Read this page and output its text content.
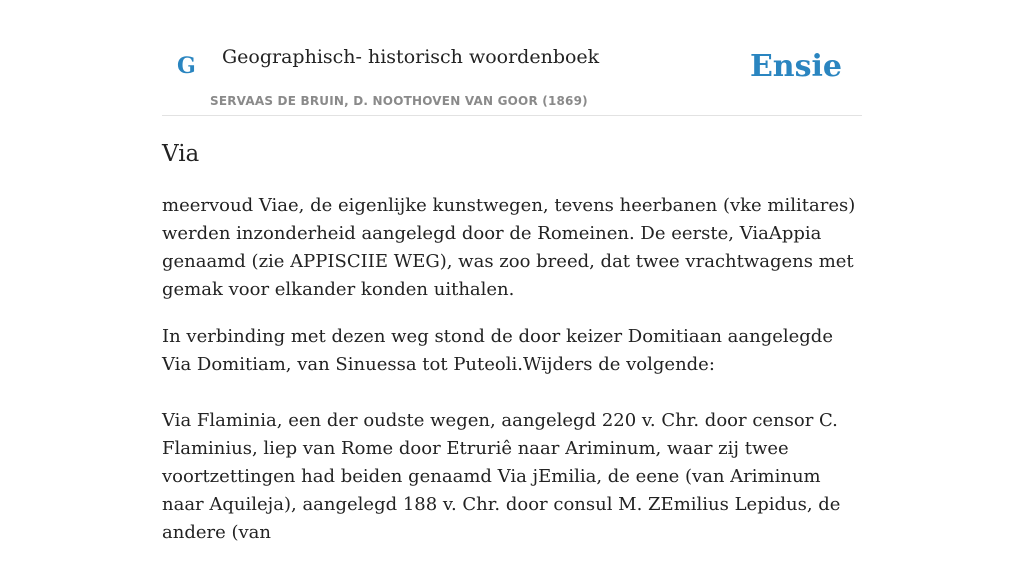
G Geographisch- historisch woordenboek
SERVAAS DE BRUIN, D. NOOTHOVEN VAN GOOR (1869)
Ensie
Via

meervoud Viae, de eigenlijke kunstwegen, tevens heerbanen (vke militares) werden inzonderheid aangelegd door de Romeinen. De eerste, ViaAppia genaamd (zie APPISCIIE WEG), was zoo breed, dat twee vrachtwagens met gemak voor elkander konden uithalen.

In verbinding met dezen weg stond de door keizer Domitiaan aangelegde Via Domitiam, van Sinuessa tot Puteoli.Wijders de volgende:

Via Flaminia, een der oudste wegen, aangelegd 220 v. Chr. door censor C. Flaminius, liep van Rome door Etruriê naar Ariminum, waar zij twee voortzettingen had beiden genaamd Via jEmilia, de eene (van Ariminum naar Aquileja), aangelegd 188 v. Chr. door consul M. ZEmilius Lepidus, de andere (van
